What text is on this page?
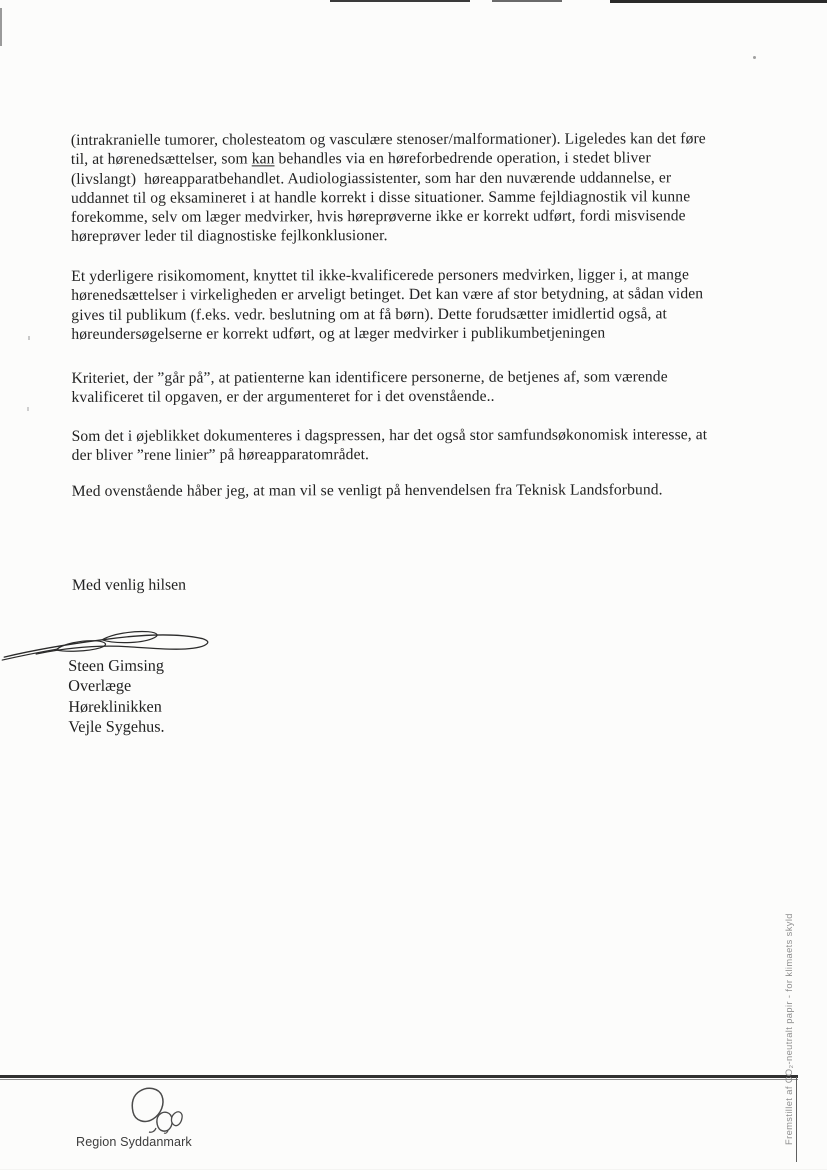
(intrakranielle tumorer, cholesteatom og vasculære stenoser/malformationer). Ligeledes kan det føre
til, at hørenedsættelser, som kan behandles via en høreforbedrende operation, i stedet bliver
(livslangt)  høreapparatbehandlet. Audiologiassistenter, som har den nuværende uddannelse, er
uddannet til og eksamineret i at handle korrekt i disse situationer. Samme fejldiagnostik vil kunne
forekomme, selv om læger medvirker, hvis høreprøverne ikke er korrekt udført, fordi misvisende
høreprøver leder til diagnostiske fejlkonklusioner.
Et yderligere risikomoment, knyttet til ikke-kvalificerede personers medvirken, ligger i, at mange
hørenedsættelser i virkeligheden er arveligt betinget. Det kan være af stor betydning, at sådan viden
gives til publikum (f.eks. vedr. beslutning om at få børn). Dette forudsætter imidlertid også, at
høreundersøgelserne er korrekt udført, og at læger medvirker i publikumbetjeningen
Kriteriet, der ”går på”, at patienterne kan identificere personerne, de betjenes af, som værende
kvalificeret til opgaven, er der argumenteret for i det ovenstående..
Som det i øjeblikket dokumenteres i dagspressen, har det også stor samfundsøkonomisk interesse, at
der bliver ”rene linier” på høreapparatområdet.
Med ovenstående håber jeg, at man vil se venligt på henvendelsen fra Teknisk Landsforbund.
Med venlig hilsen
Steen Gimsing
Overlæge
Høreklinikken
Vejle Sygehus.
Fremstillet af CO₂-neutralt papir - for klimaets skyld
Region Syddanmark
